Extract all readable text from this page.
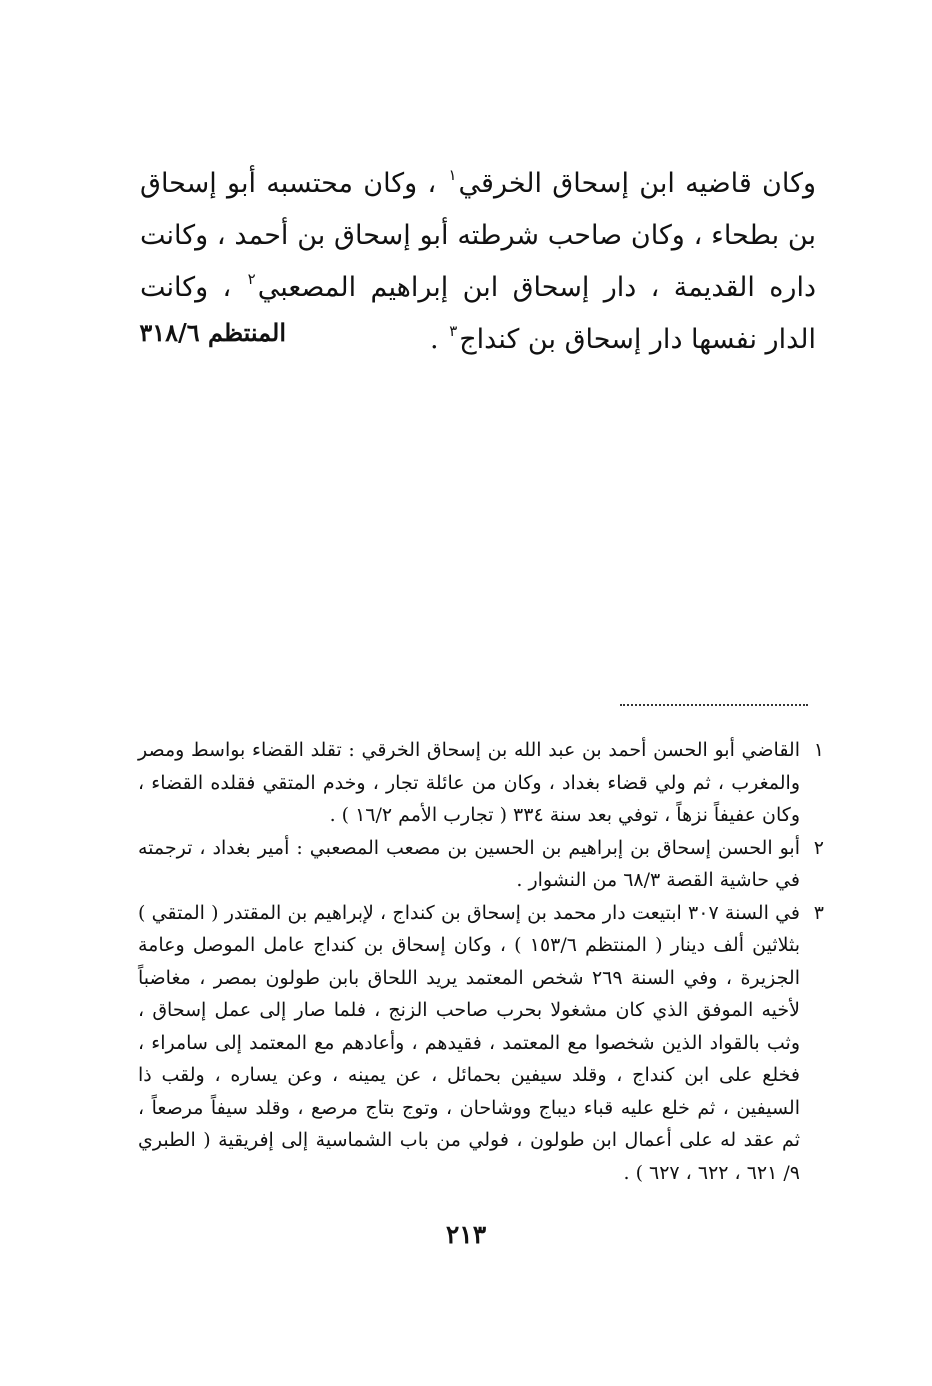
وكان قاضيه ابن إسحاق الخرقي$^١$ ، وكان محتسبه أبو إسحاق بن بطحاء ، وكان صاحب شرطته أبو إسحاق بن أحمد ، وكانت داره القديمة ، دار إسحاق ابن إبراهيم المصعبي$^٢$ ، وكانت الدار نفسها دار إسحاق بن كنداج$^٣$ .

المنتظم ٣١٨/٦
١
القاضي أبو الحسن أحمد بن عبد الله بن إسحاق الخرقي : تقلد القضاء بواسط ومصر والمغرب ، ثم ولي قضاء بغداد ، وكان من عائلة تجار ، وخدم المتقي فقلده القضاء ، وكان عفيفاً نزهاً ، توفي بعد سنة ٣٣٤ ( تجارب الأمم ١٦/٢ ) .
٢
أبو الحسن إسحاق بن إبراهيم بن الحسين بن مصعب المصعبي : أمير بغداد ، ترجمته في حاشية القصة ٦٨/٣ من النشوار .
٣
في السنة ٣٠٧ ابتيعت دار محمد بن إسحاق بن كنداج ، لإبراهيم بن المقتدر ( المتقي ) بثلاثين ألف دينار ( المنتظم ١٥٣/٦ ) ، وكان إسحاق بن كنداج عامل الموصل وعامة الجزيرة ، وفي السنة ٢٦٩ شخص المعتمد يريد اللحاق بابن طولون بمصر ، مغاضباً لأخيه الموفق الذي كان مشغولا بحرب صاحب الزنج ، فلما صار إلى عمل إسحاق ، وثب بالقواد الذين شخصوا مع المعتمد ، فقيدهم ، وأعادهم مع المعتمد إلى سامراء ، فخلع على ابن كنداج ، وقلد سيفين بحمائل ، عن يمينه ، وعن يساره ، ولقب ذا السيفين ، ثم خلع عليه قباء ديباج ووشاحان ، وتوج بتاج مرصع ، وقلد سيفاً مرصعاً ، ثم عقد له على أعمال ابن طولون ، فولي من باب الشماسية إلى إفريقية ( الطبري ٩/ ٦٢١ ، ٦٢٢ ، ٦٢٧ ) .
٢١٣
